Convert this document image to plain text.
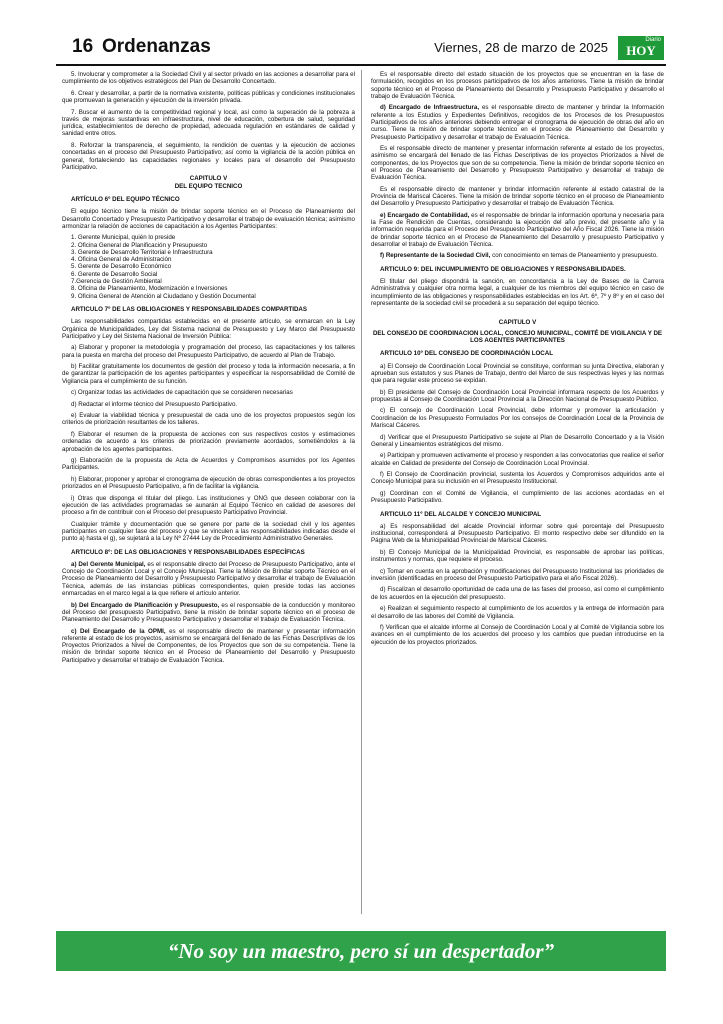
16 Ordenanzas	Viernes, 28 de marzo de 2025	Diario
HOY

5. Involucrar y comprometer a la Sociedad Civil y al sector privado en las acciones a desarrollar para el cumplimiento de los objetivos estratégicos del Plan de Desarrollo Concertado.

6. Crear y desarrollar, a partir de la normativa existente, políticas públicas y condiciones institucionales que promuevan la generación y ejecución de la inversión privada.

7. Buscar el aumento de la competitividad regional y local, así como la superación de la pobreza a través de mejoras sustantivas en infraestructura, nivel de educación, cobertura de salud, seguridad jurídica, establecimientos de derecho de propiedad, adecuada regulación en estándares de calidad y sanidad entre otros.

8. Reforzar la transparencia, el seguimiento, la rendición de cuentas y la ejecución de acciones concertadas en el proceso del Presupuesto Participativo; así como la vigilancia de la acción pública en general, fortaleciendo las capacidades regionales y locales para el desarrollo del Presupuesto Participativo.

CAPITULO V

DEL EQUIPO TECNICO

ARTÍCULO 6º DEL EQUIPO TÉCNICO

El equipo técnico tiene la misión de brindar soporte técnico en el Proceso de Planeamiento del Desarrollo Concertado y Presupuesto Participativo y desarrollar el trabajo de evaluación técnica; asimismo armonizar la relación de acciones de capacitación a los Agentes Participantes:

1. Gerente Municipal, quién lo preside
2. Oficina General de Planificación y Presupuesto
3. Gerente de Desarrollo Territorial e Infraestructura
4. Oficina General de Administración
5. Gerente de Desarrollo Económico
6. Gerente de Desarrollo Social
7.Gerencia de Gestión Ambiental
8. Oficina de Planeamiento, Modernización e Inversiones
9. Oficina General de Atención al Ciudadano y Gestión Documental

ARTICULO 7º DE LAS OBLIGACIONES Y RESPONSABILIDADES COMPARTIDAS

Las responsabilidades compartidas establecidas en el presente artículo, se enmarcan en la Ley Orgánica de Municipalidades, Ley del Sistema nacional de Presupuesto y Ley Marco del Presupuesto Participativo y Ley del Sistema Nacional de Inversión Pública:

a) Elaborar y proponer la metodología y programación del proceso, las capacitaciones y los talleres para la puesta en marcha del proceso del Presupuesto Participativo, de acuerdo al Plan de Trabajo.

b) Facilitar gratuitamente los documentos de gestión del proceso y toda la información necesaria, a fin de garantizar la participación de los agentes participantes y especificar la responsabilidad de Comité de Vigilancia para el cumplimiento de su función.

c) Organizar todas las actividades de capacitación que se consideren necesarias

d) Redactar el informe técnico del Presupuesto Participativo.

e) Evaluar la viabilidad técnica y presupuestal de cada uno de los proyectos propuestos según los criterios de priorización resultantes de los talleres.

f) Elaborar el resumen de la propuesta de acciones con sus respectivos costos y estimaciones ordenadas de acuerdo a los criterios de priorización previamente acordados, sometiéndolos a la aprobación de los agentes participantes.

g) Elaboración de la propuesta de Acta de Acuerdos y Compromisos asumidos por los Agentes Participantes.

h) Elaborar, proponer y aprobar el cronograma de ejecución de obras correspondientes a los proyectos priorizados en el Presupuesto Participativo, a fin de facilitar la vigilancia.

i) Otras que disponga el titular del pliego. Las instituciones y ONG que deseen colaborar con la ejecución de las actividades programadas se aunarán al Equipo Técnico en calidad de asesores del proceso a fin de contribuir con el Proceso del presupuesto Participativo Provincial.

Cualquier trámite y documentación que se genere por parte de la sociedad civil y los agentes participantes en cualquier fase del proceso y que se vinculen a las responsabilidades indicadas desde el punto a) hasta el g), se sujetará a la Ley Nº 27444 Ley de Procedimiento Administrativo Generales.

ARTICULO 8º: DE LAS OBLIGACIONES Y RESPONSABILIDADES ESPECÍFICAS

a) Del Gerente Municipal, es el responsable directo del Proceso de Presupuesto Participativo, ante el Concejo de Coordinación Local y el Concejo Municipal. Tiene la Misión de Brindar soporte Técnico en el Proceso de Planeamiento del Desarrollo y Presupuesto Participativo y desarrollar el trabajo de Evaluación Técnica, además de las instancias públicas correspondientes, quien preside todas las acciones enmarcadas en el marco legal a la que refiere el artículo anterior.

b) Del Encargado de Planificación y Presupuesto, es el responsable de la conducción y monitoreo del Proceso del presupuesto Participativo, tiene la misión de brindar soporte técnico en el proceso de Planeamiento del Desarrollo y Presupuesto Participativo y desarrollar el trabajo de Evaluación Técnica.

c) Del Encargado de la OPMI, es el responsable directo de mantener y presentar información referente al estado de los proyectos, asimismo se encargará del llenado de las Fichas Descriptivas de los Proyectos Priorizados a Nivel de Componentes, de los Proyectos que son de su competencia. Tiene la misión de brindar soporte técnico en el Proceso de Planeamiento del Desarrollo y Presupuesto Participativo y desarrollar el trabajo de Evaluación Técnica.

Es el responsable directo del estado situación de los proyectos que se encuentran en la fase de formulación, recogidos en los procesos participativos de los años anteriores. Tiene la misión de brindar soporte técnico en el Proceso de Planeamiento del Desarrollo y Presupuesto Participativo y desarrollo el trabajo de Evaluación Técnica.

d) Encargado de Infraestructura, es el responsable directo de mantener y brindar la Información referente a los Estudios y Expedientes Definitivos, recogidos de los Procesos de los Presupuestos Participativos de los años anteriores debiendo entregar el cronograma de ejecución de obras del año en curso. Tiene la misión de brindar soporte técnico en el proceso de Planeamiento del Desarrollo y Presupuesto Participativo y desarrollar el trabajo de Evaluación Técnica.

Es el responsable directo de mantener y presentar información referente al estado de los proyectos, asimismo se encargará del llenado de las Fichas Descriptivas de los proyectos Priorizados a Nivel de componentes, de los Proyectos que son de su competencia. Tiene la misión de brindar soporte técnico en el Proceso de Planeamiento del Desarrollo y Presupuesto Participativo y desarrollar el trabajo de Evaluación Técnica.

Es el responsable directo de mantener y brindar información referente al estado catastral de la Provincia de Mariscal Cáceres. Tiene la misión de brindar soporte técnico en el proceso de Planeamiento del Desarrollo y Presupuesto Participativo y desarrollar el trabajo de Evaluación Técnica.

e) Encargado de Contabilidad, es el responsable de brindar la información oportuna y necesaria para la Fase de Rendición de Cuentas, considerando la ejecución del año previo, del presente año y la información requerida para el Proceso del Presupuesto Participativo del Año Fiscal 2026. Tiene la misión de brindar soporte técnico en el Proceso de Planeamiento del Desarrollo y presupuesto Participativo y desarrollar el trabajo de Evaluación Técnica.

f) Representante de la Sociedad Civil, con conocimiento en temas de Planeamiento y presupuesto.

ARTICULO 9: DEL INCUMPLIMIENTO DE OBLIGACIONES Y RESPONSABILIDADES.

El titular del pliego dispondrá la sanción, en concordancia a la Ley de Bases de la Carrera Administrativa y cualquier otra norma legal, a cualquier de los miembros del equipo técnico en caso de incumplimiento de las obligaciones y responsabilidades establecidas en los Art. 6º, 7º y 8º y en el caso del representante de la sociedad civil se procederá a su separación del equipo técnico.

CAPITULO V

DEL CONSEJO DE COORDINACION LOCAL, CONCEJO MUNICIPAL, COMITÉ DE VIGILANCIA Y DE LOS AGENTES PARTICIPANTES

ARTICULO 10º DEL CONSEJO DE COORDINACIÓN LOCAL

a) El Consejo de Coordinación Local Provincial se constituye, conforman su junta Directiva, elaboran y aprueban sus estatutos y sus Planes de Trabajo, dentro del Marco de sus respectivas leyes y las normas que para regular este proceso se expidan.

b) El presidente del Consejo de Coordinación Local Provincial informara respecto de los Acuerdos y propuestas al Consejo de Coordinación Local Provincial a la Dirección Nacional de Presupuesto Público.

c) El consejo de Coordinación Local Provincial, debe informar y promover la articulación y Coordinación de los Presupuesto Formulados Por los consejos de Coordinación Local de la Provincia de Mariscal Cáceres.

d) Verificar que el Presupuesto Participativo se sujete al Plan de Desarrollo Concertado y a la Visión General y Lineamientos estratégicos del mismo.

e) Participan y promueven activamente el proceso y responden a las convocatorias que realice el señor alcalde en Calidad de presidente del Consejo de Coordinación Local Provincial.

f) El Consejo de Coordinación provincial, sustenta los Acuerdos y Compromisos adquiridos ante el Concejo Municipal para su inclusión en el Presupuesto Institucional.

g) Coordinan con el Comité de Vigilancia, el cumplimiento de las acciones acordadas en el Presupuesto Participativo.

ARTICULO 11º DEL ALCALDE Y CONCEJO MUNICIPAL

a) Es responsabilidad del alcalde Provincial informar sobre qué porcentaje del Presupuesto institucional, corresponderá al Presupuesto Participativo. El monto respectivo debe ser difundido en la Página Web de la Municipalidad Provincial de Mariscal Cáceres.

b) El Concejo Municipal de la Municipalidad Provincial, es responsable de aprobar las políticas, instrumentos y normas, que requiere el proceso.

c) Tomar en cuenta en la aprobación y modificaciones del Presupuesto Institucional las prioridades de inversión (identificadas en proceso del Presupuesto Participativo para el año Fiscal 2026).

d) Fiscalizan el desarrollo oportunidad de cada una de las fases del proceso, así como el cumplimiento de los acuerdos en la ejecución del presupuesto.

e) Realizan el seguimiento respecto al cumplimiento de los acuerdos y la entrega de información para el desarrollo de las labores del Comité de Vigilancia.

f) Verifican que el alcalde informe al Consejo de Coordinación Local y al Comité de Vigilancia sobre los avances en el cumplimiento de los acuerdos del proceso y los cambios que puedan introducirse en la ejecución de los proyectos priorizados.

“No soy un maestro, pero sí un despertador”
